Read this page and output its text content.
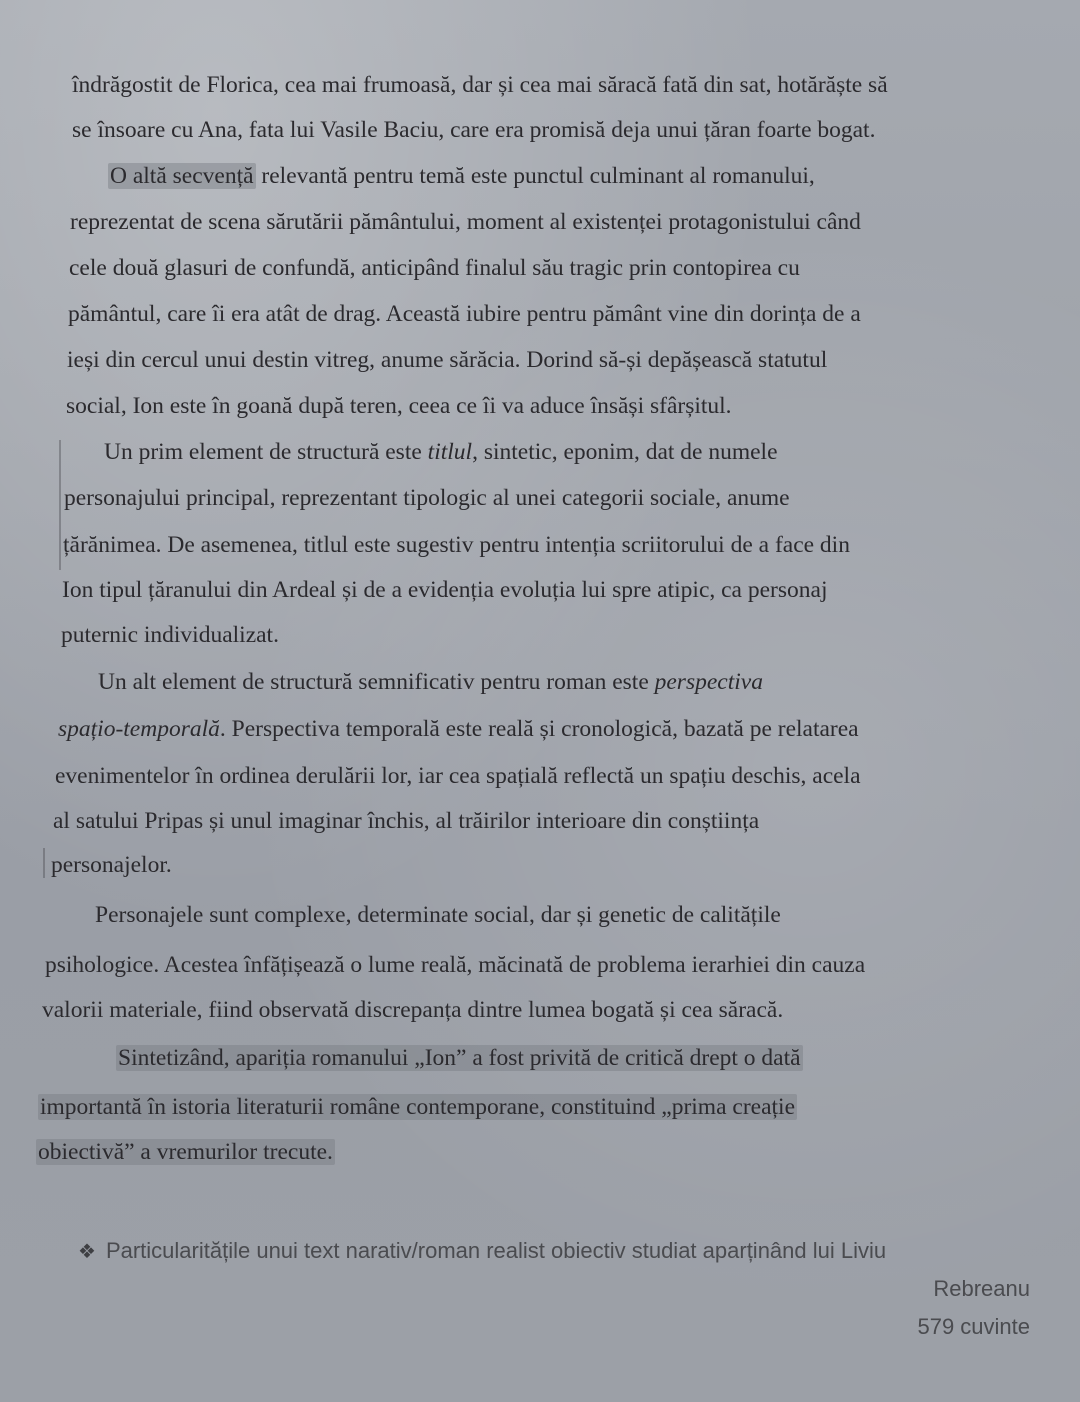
îndrăgostit de Florica, cea mai frumoasă, dar și cea mai săracă fată din sat, hotărăște să
se însoare cu Ana, fata lui Vasile Baciu, care era promisă deja unui țăran foarte bogat.
O altă secvență relevantă pentru temă este punctul culminant al romanului,
reprezentat de scena sărutării pământului, moment al existenței protagonistului când
cele două glasuri de confundă, anticipând finalul său tragic prin contopirea cu
pământul, care îi era atât de drag. Această iubire pentru pământ vine din dorința de a
ieși din cercul unui destin vitreg, anume sărăcia. Dorind să-și depășească statutul
social, Ion este în goană după teren, ceea ce îi va aduce însăși sfârșitul.
Un prim element de structură este titlul, sintetic, eponim, dat de numele
personajului principal, reprezentant tipologic al unei categorii sociale, anume
țărănimea. De asemenea, titlul este sugestiv pentru intenția scriitorului de a face din
Ion tipul țăranului din Ardeal și de a evidenția evoluția lui spre atipic, ca personaj
puternic individualizat.
Un alt element de structură semnificativ pentru roman este perspectiva
spațio-temporală. Perspectiva temporală este reală și cronologică, bazată pe relatarea
evenimentelor în ordinea derulării lor, iar cea spațială reflectă un spațiu deschis, acela
al satului Pripas și unul imaginar închis, al trăirilor interioare din conștiința
personajelor.
Personajele sunt complexe, determinate social, dar și genetic de calitățile
psihologice. Acestea înfățișează o lume reală, măcinată de problema ierarhiei din cauza
valorii materiale, fiind observată discrepanța dintre lumea bogată și cea săracă.
Sintetizând, apariția romanului „Ion” a fost privită de critică drept o dată
importantă în istoria literaturii române contemporane, constituind „prima creație
obiectivă” a vremurilor trecute.
❖ Particularitățile unui text narativ/roman realist obiectiv studiat aparținând lui Liviu
Rebreanu
579 cuvinte
